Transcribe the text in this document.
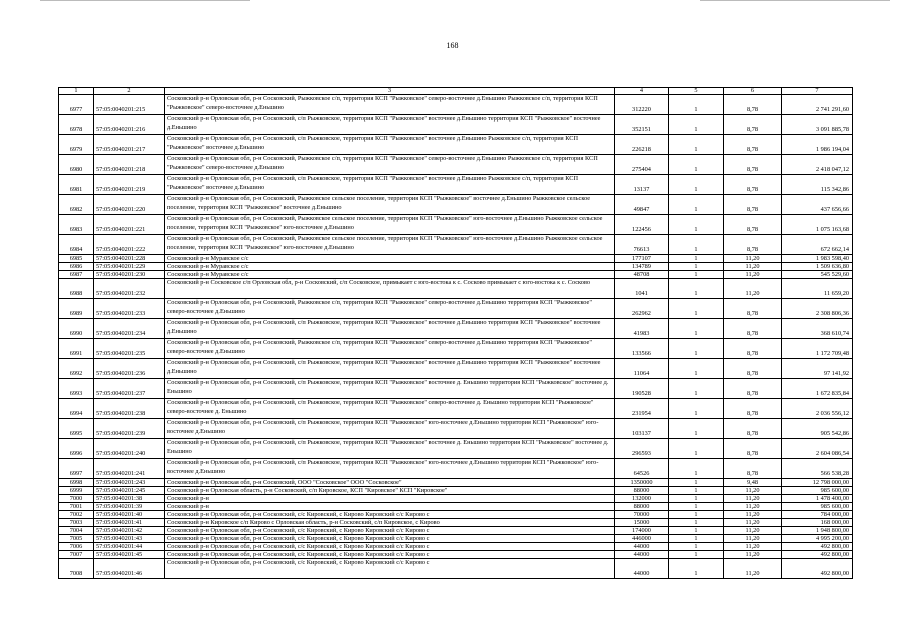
168
1	2	3	4	5	6	7
6977	57:05:0040201:215	Сосковский р-н Орловская обл, р-н Сосковский, Рыжковское с/п, территория КСП "Рыжковское" северо-восточнее д.Еньшино Рыжковское с/п, территория КСП "Рыжковское" северо-восточнее д.Еньшино	312220	1	8,78	2 741 291,60
6978	57:05:0040201:216	Сосковский р-н Орловская обл, р-н Сосковский, с/п Рыжковское, территория КСП "Рыжковское" восточнее д.Еньшино территория КСП "Рыжковское" восточнее д.Еньшино	352151	1	8,78	3 091 885,78
6979	57:05:0040201:217	Сосковский р-н Орловская обл, р-н Сосковский, с/п Рыжковское, территория КСП "Рыжковское" восточнее д.Еньшино Рыжковское с/п, территория КСП "Рыжковское" восточнее д.Еньшино	226218	1	8,78	1 986 194,04
6980	57:05:0040201:218	Сосковский р-н Орловская обл, р-н Сосковский, Рыжковское с/п, территория КСП "Рыжковское" северо-восточнее д.Еньшино Рыжковское с/п, территория КСП "Рыжковское" северо-восточнее д.Еньшино	275404	1	8,78	2 418 047,12
6981	57:05:0040201:219	Сосковский р-н Орловская обл, р-н Сосковский, с/п Рыжковское, территория КСП "Рыжковское" восточнее д.Еньшино Рыжковское с/п, территория КСП "Рыжковское" восточнее д.Еньшино	13137	1	8,78	115 342,86
6982	57:05:0040201:220	Сосковский р-н Орловская обл, р-н Сосковский, Рыжковское сельское поселение, территория КСП "Рыжковское" восточнее д.Еньшино Рыжковское сельское поселение, территория КСП "Рыжковское" восточнее д.Еньшино	49847	1	8,78	437 656,66
6983	57:05:0040201:221	Сосковский р-н Орловская обл, р-н Сосковский, Рыжковское сельское поселение, территория КСП "Рыжковское" юго-восточнее д.Еньшино Рыжковское сельское поселение, территория КСП "Рыжковское" юго-восточнее д.Еньшино	122456	1	8,78	1 075 163,68
6984	57:05:0040201:222	Сосковский р-н Орловская обл, р-н Сосковский, Рыжковское сельское поселение, территория КСП "Рыжковское" юго-восточнее д.Еньшино Рыжковское сельское поселение, территория КСП "Рыжковское" юго-восточнее д.Еньшино	76613	1	8,78	672 662,14
6985	57:05:0040201:228	Сосковский р-н Муравское с/с	177107	1	11,20	1 983 598,40
6986	57:05:0040201:229	Сосковский р-н Муравское с/с	134789	1	11,20	1 509 636,80
6987	57:05:0040201:230	Сосковский р-н Муравское с/с	48708	1	11,20	545 529,60
6988	57:05:0040201:232	Сосковский р-н Сосковское с/п Орловская обл, р-н Сосковский, с/п Сосковское, примыкает с юго-востока к с. Сосково примыкает с юго-востока к с. Сосково	1041	1	11,20	11 659,20
6989	57:05:0040201:233	Сосковский р-н Орловская обл, р-н Сосковский, Рыжковское с/п, территория КСП "Рыжковское" северо-восточнее д.Еньшино территория КСП "Рыжковское" северо-восточнее д.Еньшино	262962	1	8,78	2 308 806,36
6990	57:05:0040201:234	Сосковский р-н Орловская обл, р-н Сосковский, с/п Рыжковское, территория КСП "Рыжковское" восточнее д.Еньшино территория КСП "Рыжковское" восточнее д.Еньшино	41983	1	8,78	368 610,74
6991	57:05:0040201:235	Сосковский р-н Орловская обл, р-н Сосковский, Рыжковское с/п, территория КСП "Рыжковское" северо-восточнее д.Еньшино территория КСП "Рыжковское" северо-восточнее д.Еньшино	133566	1	8,78	1 172 709,48
6992	57:05:0040201:236	Сосковский р-н Орловская обл, р-н Сосковский, с/п Рыжковское, территория КСП "Рыжковское" восточнее д.Еньшино территория КСП "Рыжковское" восточнее д.Еньшино	11064	1	8,78	97 141,92
6993	57:05:0040201:237	Сосковский р-н Орловская обл, р-н Сосковский, с/п Рыжковское, территория КСП "Рыжковское" восточнее д. Еньшино территория КСП "Рыжковское" восточнее д. Еньшино	190528	1	8,78	1 672 835,84
6994	57:05:0040201:238	Сосковский р-н Орловская обл, р-н Сосковский, с/п Рыжковское, территория КСП "Рыжковское" северо-восточнее д. Еньшино территория КСП "Рыжковское" северо-восточнее д. Еньшино	231954	1	8,78	2 036 556,12
6995	57:05:0040201:239	Сосковский р-н Орловская обл, р-н Сосковский, с/п Рыжковское, территория КСП "Рыжковское" юго-восточнее д.Еньшино территория КСП "Рыжковское" юго-восточнее д.Еньшино	103137	1	8,78	905 542,86
6996	57:05:0040201:240	Сосковский р-н Орловская обл, р-н Сосковский, с/п Рыжковское, территория КСП "Рыжковское" восточнее д. Еньшино территория КСП "Рыжковское" восточнее д. Еньшино	296593	1	8,78	2 604 086,54
6997	57:05:0040201:241	Сосковский р-н Орловская обл, р-н Сосковский, с/п Рыжковское, территория КСП "Рыжковское" юго-восточнее д.Еньшино территория КСП "Рыжковское" юго-восточнее д.Еньшино	64526	1	8,78	566 538,28
6998	57:05:0040201:243	Сосковский р-н Орловская обл, р-н Сосковский, ООО "Сосковское" ООО "Сосковское"	1350000	1	9,48	12 798 000,00
6999	57:05:0040201:245	Сосковский р-н Орловская область, р-н Сосковский, с/п Кировское, КСП "Кировское" КСП "Кировское"	88000	1	11,20	985 600,00
7000	57:05:0040201:38	Сосковский р-н	132000	1	11,20	1 478 400,00
7001	57:05:0040201:39	Сосковский р-н	88000	1	11,20	985 600,00
7002	57:05:0040201:40	Сосковский р-н Орловская обл, р-н Сосковский, с/с Кировский, с Кирово Кировский с/с Кирово с	70000	1	11,20	784 000,00
7003	57:05:0040201:41	Сосковский р-н Кировское с/п Кирово с Орловская область, р-н Сосковский, с/п Кировское, с Кирово	15000	1	11,20	168 000,00
7004	57:05:0040201:42	Сосковский р-н Орловская обл, р-н Сосковский, с/с Кировский, с Кирово Кировский с/с Кирово с	174000	1	11,20	1 948 800,00
7005	57:05:0040201:43	Сосковский р-н Орловская обл, р-н Сосковский, с/с Кировский, с Кирово Кировский с/с Кирово с	446000	1	11,20	4 995 200,00
7006	57:05:0040201:44	Сосковский р-н Орловская обл, р-н Сосковский, с/с Кировский, с Кирово Кировский с/с Кирово с	44000	1	11,20	492 800,00
7007	57:05:0040201:45	Сосковский р-н Орловская обл, р-н Сосковский, с/с Кировский, с Кирово Кировский с/с Кирово с	44000	1	11,20	492 800,00
7008	57:05:0040201:46	Сосковский р-н Орловская обл, р-н Сосковский, с/с Кировский, с Кирово Кировский с/с Кирово с	44000	1	11,20	492 800,00
